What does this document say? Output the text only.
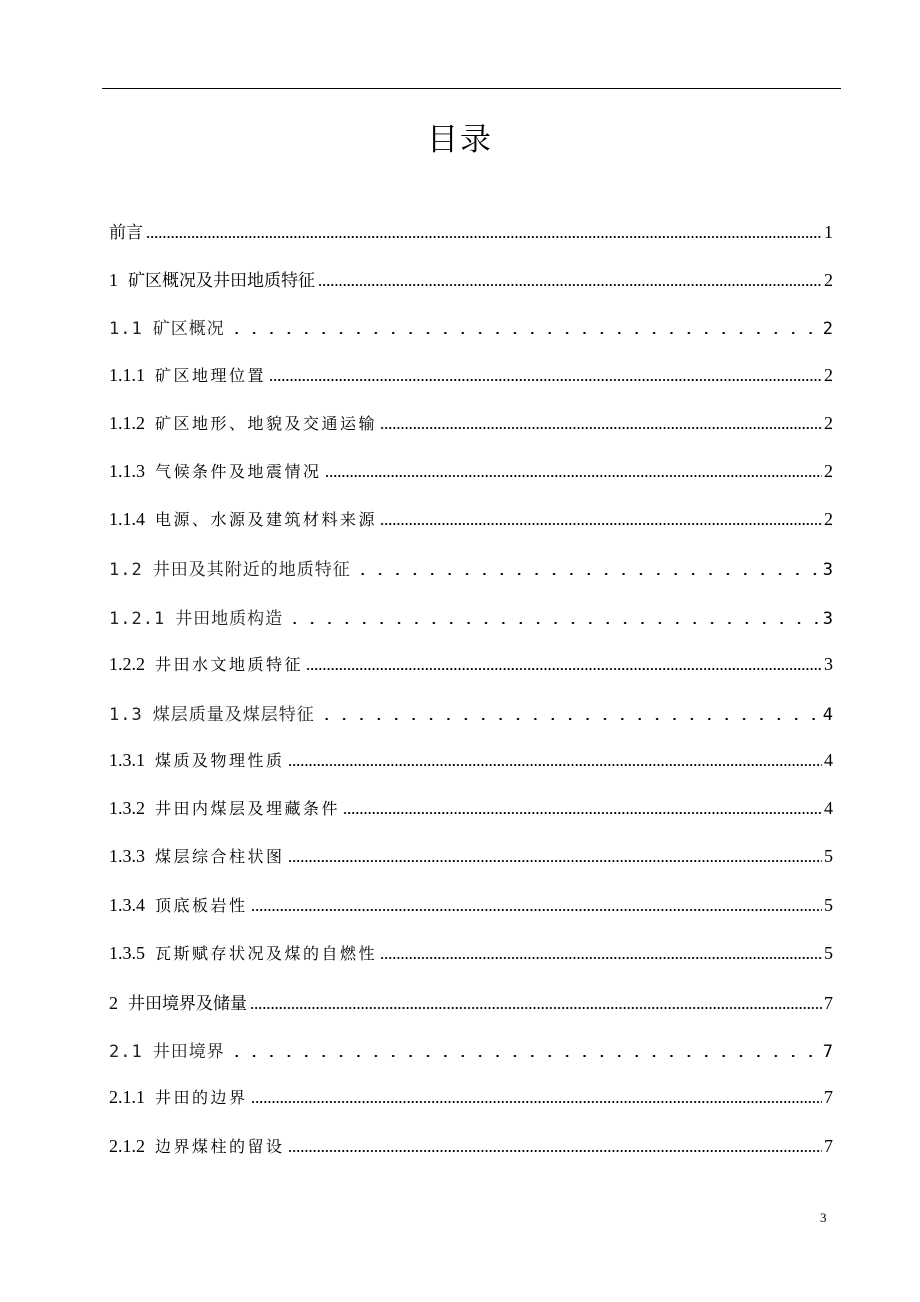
目录
前言	1
1 矿区概况及井田地质特征	2
1.1 矿区概况	2
1.1.1 矿区地理位置	2
1.1.2 矿区地形、地貌及交通运输	2
1.1.3 气候条件及地震情况	2
1.1.4 电源、水源及建筑材料来源	2
1.2 井田及其附近的地质特征	3
1.2.1 井田地质构造	3
1.2.2 井田水文地质特征	3
1.3 煤层质量及煤层特征	4
1.3.1 煤质及物理性质	4
1.3.2 井田内煤层及埋藏条件	4
1.3.3 煤层综合柱状图	5
1.3.4 顶底板岩性	5
1.3.5 瓦斯赋存状况及煤的自燃性	5
2 井田境界及储量	7
2.1 井田境界	7
2.1.1 井田的边界	7
2.1.2 边界煤柱的留设	7
3
